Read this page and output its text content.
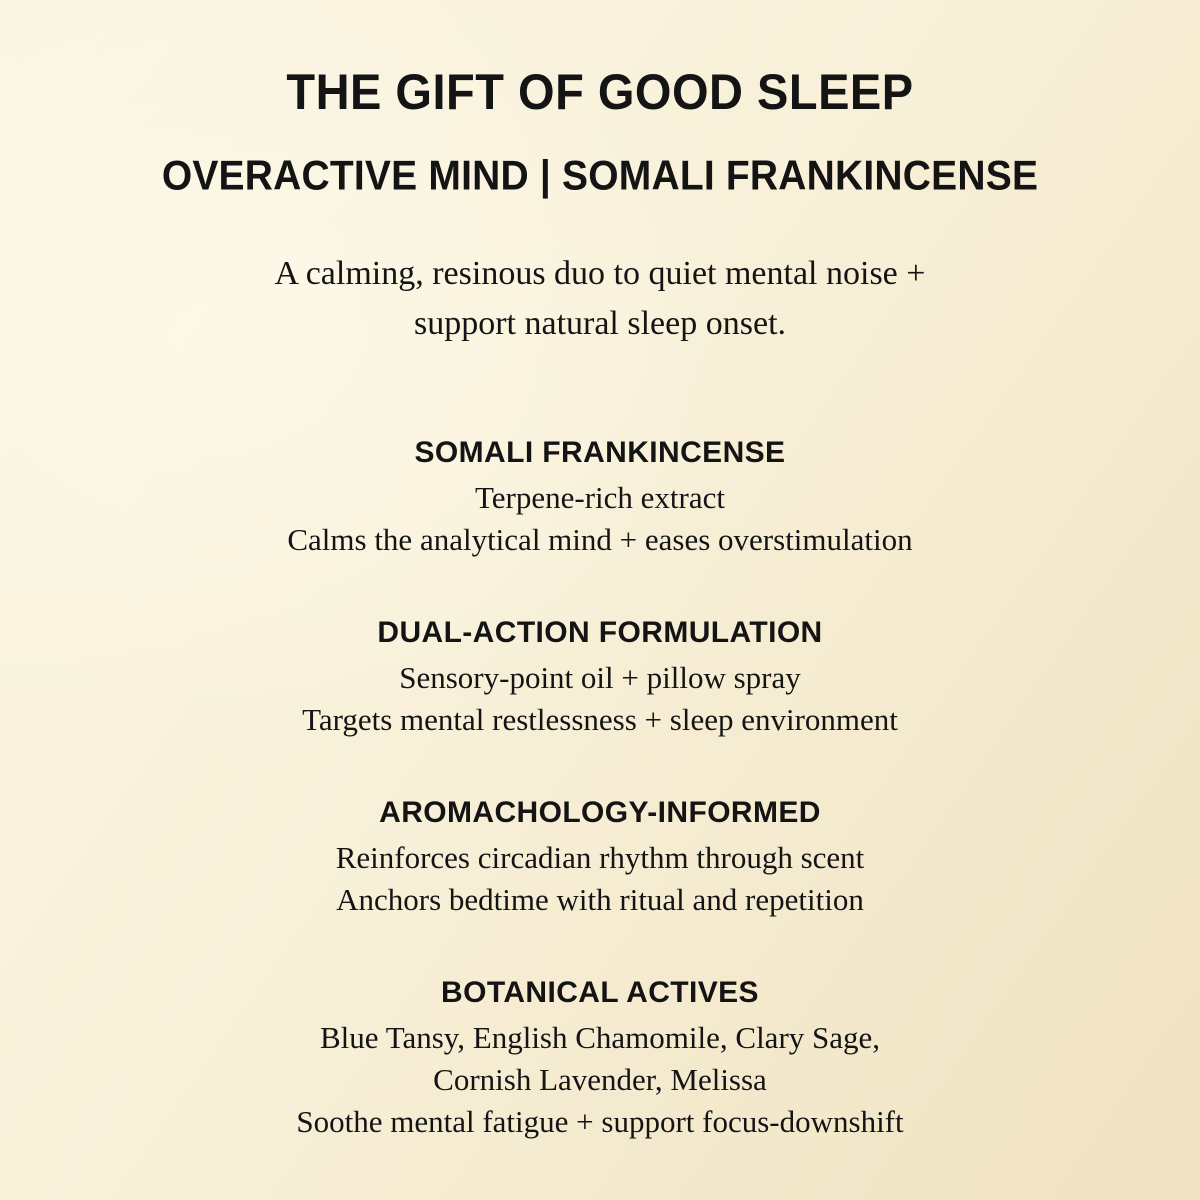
THE GIFT OF GOOD SLEEP
OVERACTIVE MIND | SOMALI FRANKINCENSE
A calming, resinous duo to quiet mental noise +
support natural sleep onset.
SOMALI FRANKINCENSE
Terpene-rich extract
Calms the analytical mind + eases overstimulation
DUAL-ACTION FORMULATION
Sensory-point oil + pillow spray
Targets mental restlessness + sleep environment
AROMACHOLOGY-INFORMED
Reinforces circadian rhythm through scent
Anchors bedtime with ritual and repetition
BOTANICAL ACTIVES
Blue Tansy, English Chamomile, Clary Sage,
Cornish Lavender, Melissa
Soothe mental fatigue + support focus-downshift
